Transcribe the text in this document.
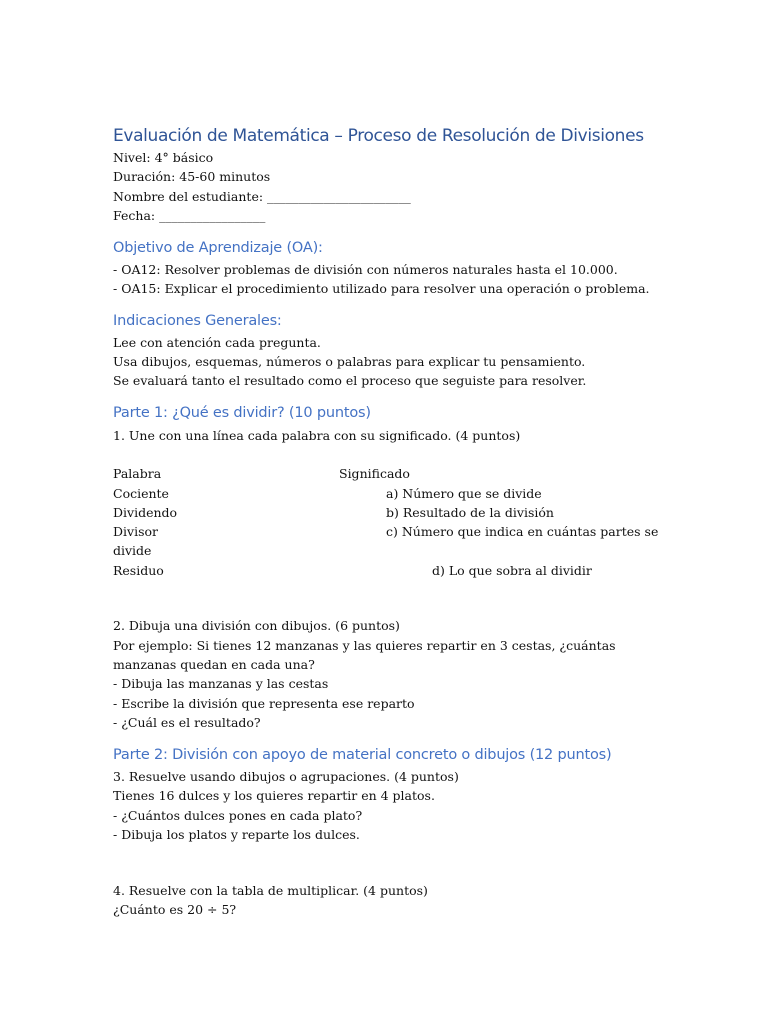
Evaluación de Matemática – Proceso de Resolución de Divisiones
Nivel: 4° básico
Duración: 45-60 minutos
Nombre del estudiante: _______________________
Fecha: _________________
Objetivo de Aprendizaje (OA):
- OA12: Resolver problemas de división con números naturales hasta el 10.000.
- OA15: Explicar el procedimiento utilizado para resolver una operación o problema.
Indicaciones Generales:
Lee con atención cada pregunta.
Usa dibujos, esquemas, números o palabras para explicar tu pensamiento.
Se evaluará tanto el resultado como el proceso que seguiste para resolver.
Parte 1: ¿Qué es dividir? (10 puntos)
1. Une con una línea cada palabra con su significado. (4 puntos)
Palabra	Significado
Cociente	a) Número que se divide
Dividendo	b) Resultado de la división
Divisor	c) Número que indica en cuántas partes se
divide
Residuo	d) Lo que sobra al dividir
2. Dibuja una división con dibujos. (6 puntos)
Por ejemplo: Si tienes 12 manzanas y las quieres repartir en 3 cestas, ¿cuántas manzanas quedan en cada una?
- Dibuja las manzanas y las cestas
- Escribe la división que representa ese reparto
- ¿Cuál es el resultado?
Parte 2: División con apoyo de material concreto o dibujos (12 puntos)
3. Resuelve usando dibujos o agrupaciones. (4 puntos)
Tienes 16 dulces y los quieres repartir en 4 platos.
- ¿Cuántos dulces pones en cada plato?
- Dibuja los platos y reparte los dulces.
4. Resuelve con la tabla de multiplicar. (4 puntos)
¿Cuánto es 20 ÷ 5?
